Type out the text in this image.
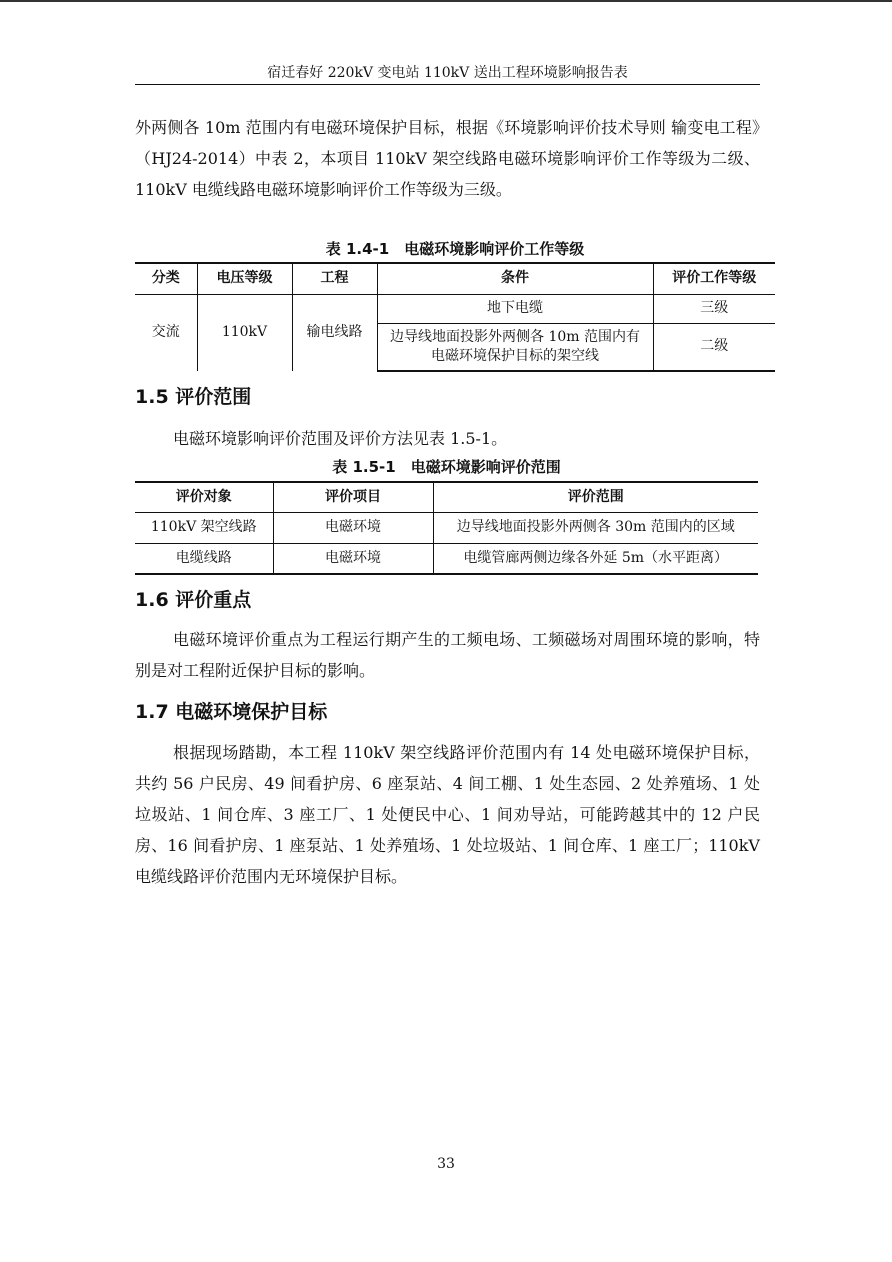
宿迁春好 220kV 变电站 110kV 送出工程环境影响报告表

外两侧各 10m 范围内有电磁环境保护目标，根据《环境影响评价技术导则 输变电工程》（HJ24-2014）中表 2，本项目 110kV 架空线路电磁环境影响评价工作等级为二级、110kV 电缆线路电磁环境影响评价工作等级为三级。

表 1.4-1　电磁环境影响评价工作等级
分类	电压等级	工程	条件	评价工作等级
交流	110kV	输电线路	地下电缆	三级
			边导线地面投影外两侧各 10m 范围内有电磁环境保护目标的架空线	二级
1.5 评价范围

电磁环境影响评价范围及评价方法见表 1.5-1。

表 1.5-1　电磁环境影响评价范围
评价对象	评价项目	评价范围
110kV 架空线路	电磁环境	边导线地面投影外两侧各 30m 范围内的区域
电缆线路	电磁环境	电缆管廊两侧边缘各外延 5m（水平距离）
1.6 评价重点

电磁环境评价重点为工程运行期产生的工频电场、工频磁场对周围环境的影响，特别是对工程附近保护目标的影响。

1.7 电磁环境保护目标

根据现场踏勘，本工程 110kV 架空线路评价范围内有 14 处电磁环境保护目标，共约 56 户民房、49 间看护房、6 座泵站、4 间工棚、1 处生态园、2 处养殖场、1 处垃圾站、1 间仓库、3 座工厂、1 处便民中心、1 间劝导站，可能跨越其中的 12 户民房、16 间看护房、1 座泵站、1 处养殖场、1 处垃圾站、1 间仓库、1 座工厂；110kV 电缆线路评价范围内无环境保护目标。

33
